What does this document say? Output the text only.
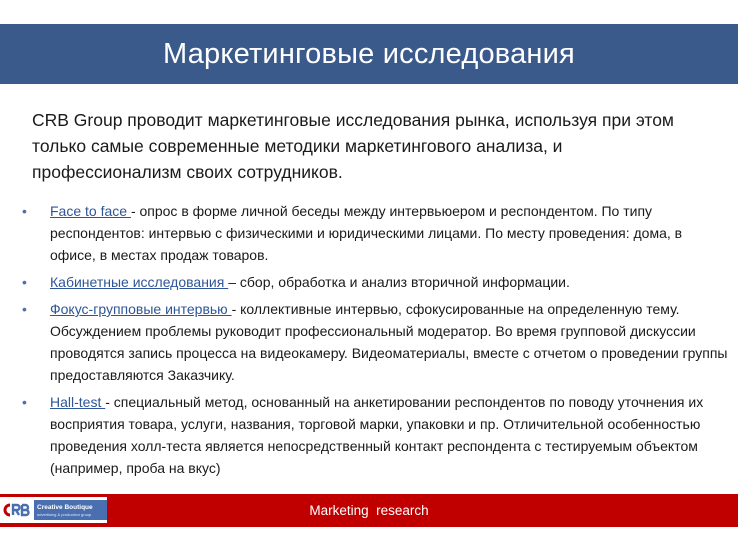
Маркетинговые исследования

CRB Group проводит маркетинговые исследования рынка, используя при этом только самые современные методики маркетингового анализа, и профессионализм своих сотрудников.

• Face to face - опрос в форме личной беседы между интервьюером и респондентом. По типу респондентов: интервью с физическими и юридическими лицами. По месту проведения: дома, в офисе, в местах продаж товаров.
• Кабинетные исследования – сбор, обработка и анализ вторичной информации.
• Фокус-групповые интервью - коллективные интервью, сфокусированные на определенную тему. Обсуждением проблемы руководит профессиональный модератор. Во время групповой дискуссии проводятся запись процесса на видеокамеру. Видеоматериалы, вместе с отчетом о проведении группы предоставляются Заказчику.
• Hall-test - специальный метод, основанный на анкетировании респондентов по поводу уточнения их восприятия товара, услуги, названия, торговой марки, упаковки и пр. Отличительной особенностью проведения холл-теста является непосредственный контакт респондента с тестируемым объектом (например, проба на вкус)
Marketing  research
Creative Boutique
advertising & production group
